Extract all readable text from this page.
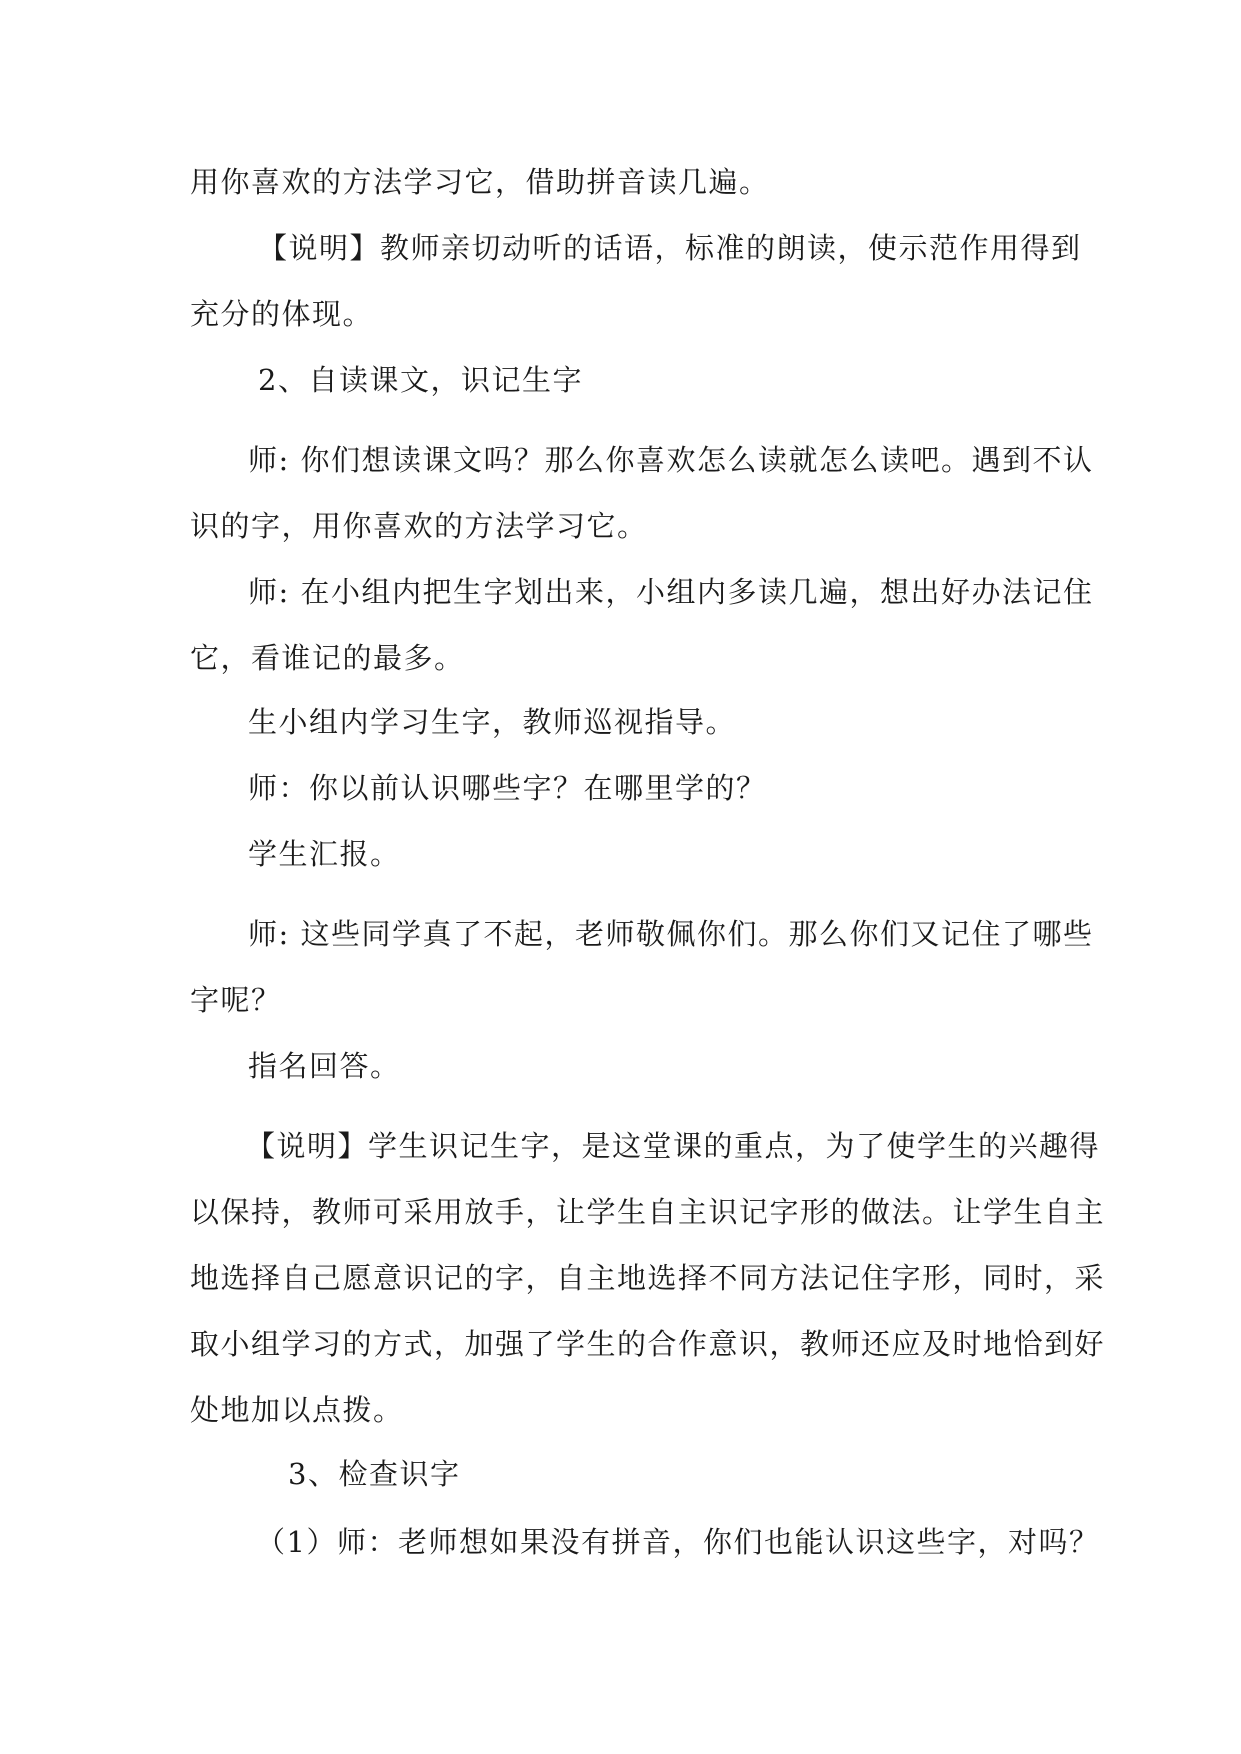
用你喜欢的方法学习它，借助拼音读几遍。
【说明】教师亲切动听的话语，标准的朗读，使示范作用得到
充分的体现。
2、自读课文，识记生字
师: 你们想读课文吗？那么你喜欢怎么读就怎么读吧。遇到不认
识的字，用你喜欢的方法学习它。
师: 在小组内把生字划出来，小组内多读几遍，想出好办法记住
它，看谁记的最多。
生小组内学习生字，教师巡视指导。
师：你以前认识哪些字？在哪里学的？
学生汇报。
师: 这些同学真了不起，老师敬佩你们。那么你们又记住了哪些
字呢？
指名回答。
【说明】学生识记生字，是这堂课的重点，为了使学生的兴趣得
以保持，教师可采用放手，让学生自主识记字形的做法。让学生自主
地选择自己愿意识记的字，自主地选择不同方法记住字形，同时，采
取小组学习的方式，加强了学生的合作意识，教师还应及时地恰到好
处地加以点拨。
3、检查识字
（1）师：老师想如果没有拼音，你们也能认识这些字，对吗？
